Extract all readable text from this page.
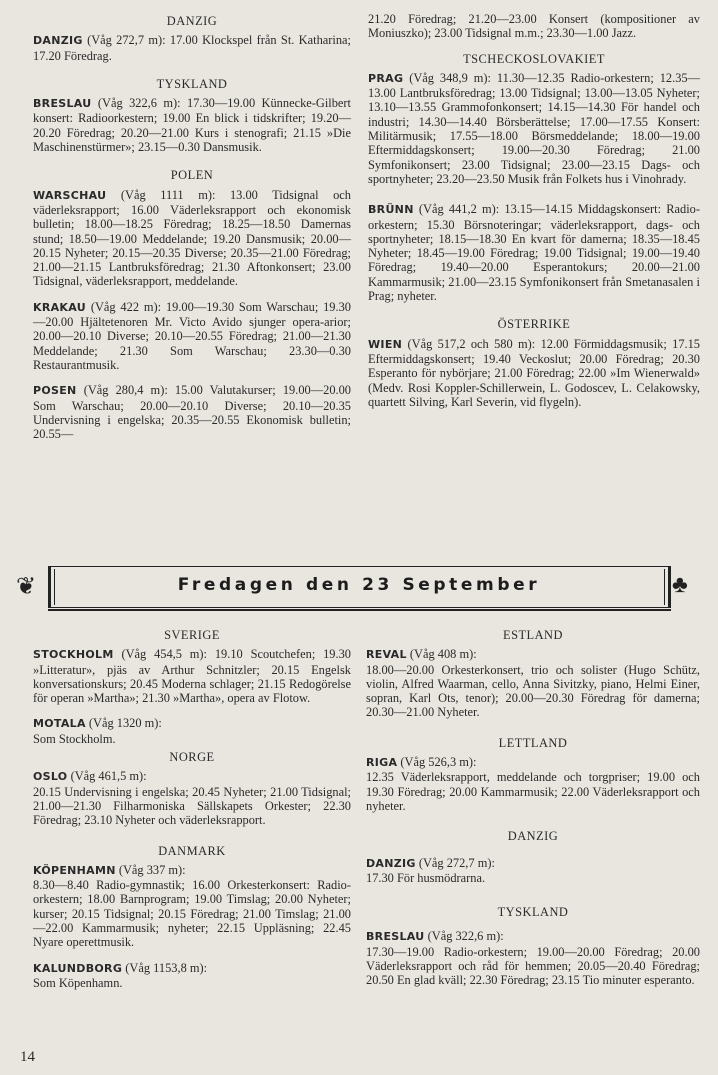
DANZIG
DANZIG (Våg 272,7 m): 17.00 Klockspel från St. Katharina; 17.20 Föredrag.
TYSKLAND
BRESLAU (Våg 322,6 m): 17.30—19.00 Künnecke-Gilbert konsert: Radioorkestern; 19.00 En blick i tidskrifter; 19.20—20.20 Föredrag; 20.20—21.00 Kurs i stenografi; 21.15 »Die Maschinenstürmer»; 23.15—0.30 Dansmusik.
POLEN
WARSCHAU (Våg 1111 m): 13.00 Tidsignal och väderleksrapport; 16.00 Väderleksrapport och ekonomisk bulletin; 18.00—18.25 Föredrag; 18.25—18.50 Damernas stund; 18.50—19.00 Meddelande; 19.20 Dansmusik; 20.00—20.15 Nyheter; 20.15—20.35 Diverse; 20.35—21.00 Föredrag; 21.00—21.15 Lantbruksföredrag; 21.30 Aftonkonsert; 23.00 Tidsignal, väderleksrapport, meddelande.
KRAKAU (Våg 422 m): 19.00—19.30 Som Warschau; 19.30—20.00 Hjältetenoren Mr. Victo Avido sjunger opera-arior; 20.00—20.10 Diverse; 20.10—20.55 Föredrag; 21.00—21.30 Meddelande; 21.30 Som Warschau; 23.30—0.30 Restaurantmusik.
POSEN (Våg 280,4 m): 15.00 Valutakurser; 19.00—20.00 Som Warschau; 20.00—20.10 Diverse; 20.10—20.35 Undervisning i engelska; 20.35—20.55 Ekonomisk bulletin; 20.55—
21.20 Föredrag; 21.20—23.00 Konsert (kompositioner av Moniuszko); 23.00 Tidsignal m.m.; 23.30—1.00 Jazz.
TSCHECKOSLOVAKIET
PRAG (Våg 348,9 m): 11.30—12.35 Radio-orkestern; 12.35—13.00 Lantbruksföredrag; 13.00 Tidsignal; 13.00—13.05 Nyheter; 13.10—13.55 Grammofonkonsert; 14.15—14.30 För handel och industri; 14.30—14.40 Börsberättelse; 17.00—17.55 Konsert: Militärmusik; 17.55—18.00 Börsmeddelande; 18.00—19.00 Eftermiddagskonsert; 19.00—20.30 Föredrag; 21.00 Symfonikonsert; 23.00 Tidsignal; 23.00—23.15 Dags- och sportnyheter; 23.20—23.50 Musik från Folkets hus i Vinohrady.
BRÜNN (Våg 441,2 m): 13.15—14.15 Middagskonsert: Radio-orkestern; 15.30 Börsnoteringar; väderleksrapport, dags- och sportnyheter; 18.15—18.30 En kvart för damerna; 18.35—18.45 Nyheter; 18.45—19.00 Föredrag; 19.00 Tidsignal; 19.00—19.40 Föredrag; 19.40—20.00 Esperantokurs; 20.00—21.00 Kammarmusik; 21.00—23.15 Symfonikonsert från Smetanasalen i Prag; nyheter.
ÖSTERRIKE
WIEN (Våg 517,2 och 580 m): 12.00 Förmiddagsmusik; 17.15 Eftermiddagskonsert; 19.40 Veckoslut; 20.00 Föredrag; 20.30 Esperanto för nybörjare; 21.00 Föredrag; 22.00 »Im Wienerwald» (Medv. Rosi Koppler-Schillerwein, L. Godoscev, L. Celakowsky, quartett Silving, Karl Severin, vid flygeln).
❦	Fredagen den 23 September	♣
SVERIGE
STOCKHOLM (Våg 454,5 m): 19.10 Scoutchefen; 19.30 »Litteratur», pjäs av Arthur Schnitzler; 20.15 Engelsk konversationskurs; 20.45 Moderna schlager; 21.15 Redogörelse för operan »Martha»; 21.30 »Martha», opera av Flotow.
MOTALA (Våg 1320 m):
Som Stockholm.
NORGE
OSLO (Våg 461,5 m):
20.15 Undervisning i engelska; 20.45 Nyheter; 21.00 Tidsignal; 21.00—21.30 Filharmoniska Sällskapets Orkester; 22.30 Föredrag; 23.10 Nyheter och väderleksrapport.
DANMARK
KÖPENHAMN (Våg 337 m):
8.30—8.40 Radio-gymnastik; 16.00 Orkesterkonsert: Radio-orkestern; 18.00 Barnprogram; 19.00 Timslag; 20.00 Nyheter; kurser; 20.15 Tidsignal; 20.15 Föredrag; 21.00 Timslag; 21.00—22.00 Kammarmusik; nyheter; 22.15 Uppläsning; 22.45 Nyare operettmusik.
KALUNDBORG (Våg 1153,8 m):
Som Köpenhamn.
ESTLAND
REVAL (Våg 408 m):
18.00—20.00 Orkesterkonsert, trio och solister (Hugo Schütz, violin, Alfred Waarman, cello, Anna Sivitzky, piano, Helmi Einer, sopran, Karl Ots, tenor); 20.00—20.30 Föredrag för damerna; 20.30—21.00 Nyheter.
LETTLAND
RIGA (Våg 526,3 m):
12.35 Väderleksrapport, meddelande och torgpriser; 19.00 och 19.30 Föredrag; 20.00 Kammarmusik; 22.00 Väderleksrapport och nyheter.
DANZIG
DANZIG (Våg 272,7 m):
17.30 För husmödrarna.
TYSKLAND
BRESLAU (Våg 322,6 m):
17.30—19.00 Radio-orkestern; 19.00—20.00 Föredrag; 20.00 Väderleksrapport och råd för hemmen; 20.05—20.40 Föredrag; 20.50 En glad kväll; 22.30 Föredrag; 23.15 Tio minuter esperanto.
14
